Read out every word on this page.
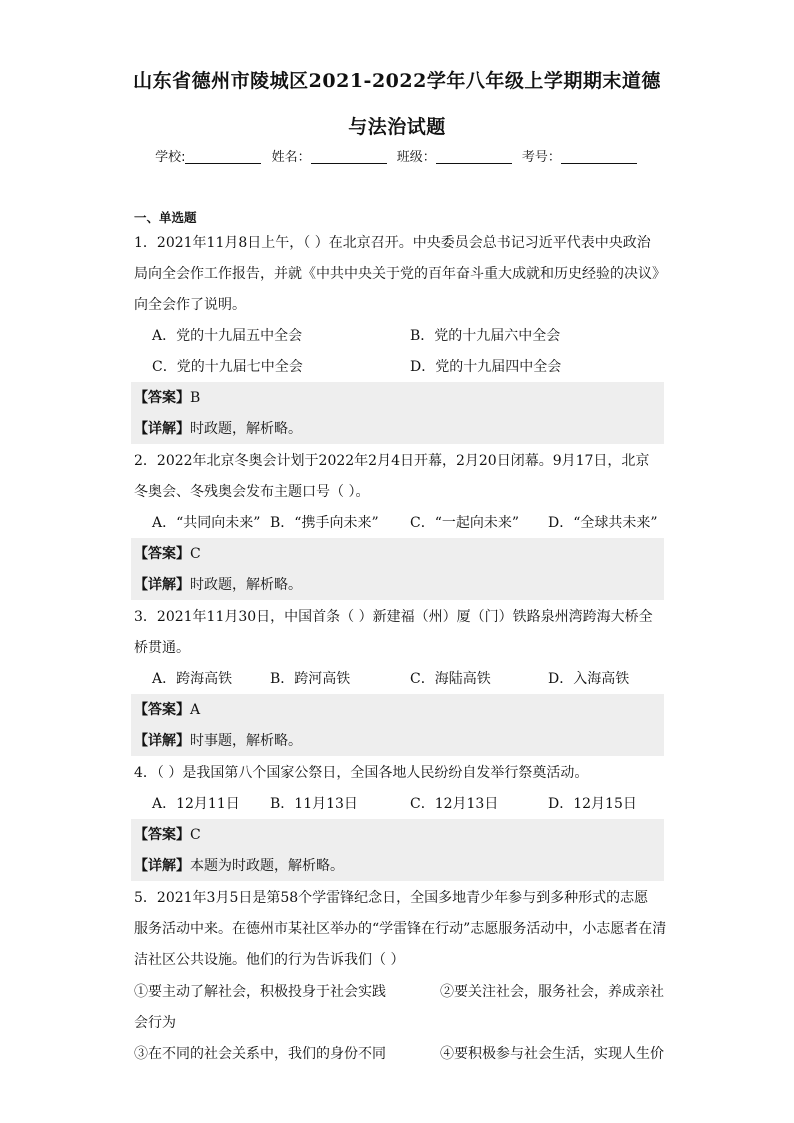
山东省德州市陵城区2021-2022学年八年级上学期期末道德
与法治试题
学校:	姓名：	班级：	考号：
一、单选题
1．2021年11月8日上午，（ ）在北京召开。中央委员会总书记习近平代表中央政治
局向全会作工作报告，并就《中共中央关于党的百年奋斗重大成就和历史经验的决议》
向全会作了说明。
A．党的十九届五中全会	B．党的十九届六中全会
C．党的十九届七中全会	D．党的十九届四中全会
【答案】B
【详解】时政题，解析略。
2．2022年北京冬奥会计划于2022年2月4日开幕，2月20日闭幕。9月17日，北京
冬奥会、冬残奥会发布主题口号（ ）。
A．“共同向未来” B．“携手向未来” C．“一起向未来” D．“全球共未来”
【答案】C
【详解】时政题，解析略。
3．2021年11月30日，中国首条（ ）新建福（州）厦（门）铁路泉州湾跨海大桥全
桥贯通。
A．跨海高铁	B．跨河高铁	C．海陆高铁	D．入海高铁
【答案】A
【详解】时事题，解析略。
4．（ ）是我国第八个国家公祭日，全国各地人民纷纷自发举行祭奠活动。
A．12月11日 B．11月13日	C．12月13日	D．12月15日
【答案】C
【详解】本题为时政题，解析略。
5．2021年3月5日是第58个学雷锋纪念日，全国多地青少年参与到多种形式的志愿
服务活动中来。在德州市某社区举办的“学雷锋在行动”志愿服务活动中，小志愿者在清
洁社区公共设施。他们的行为告诉我们（ ）
①要主动了解社会，积极投身于社会实践	②要关注社会，服务社会，养成亲社
会行为
③在不同的社会关系中，我们的身份不同	④要积极参与社会生活，实现人生价
